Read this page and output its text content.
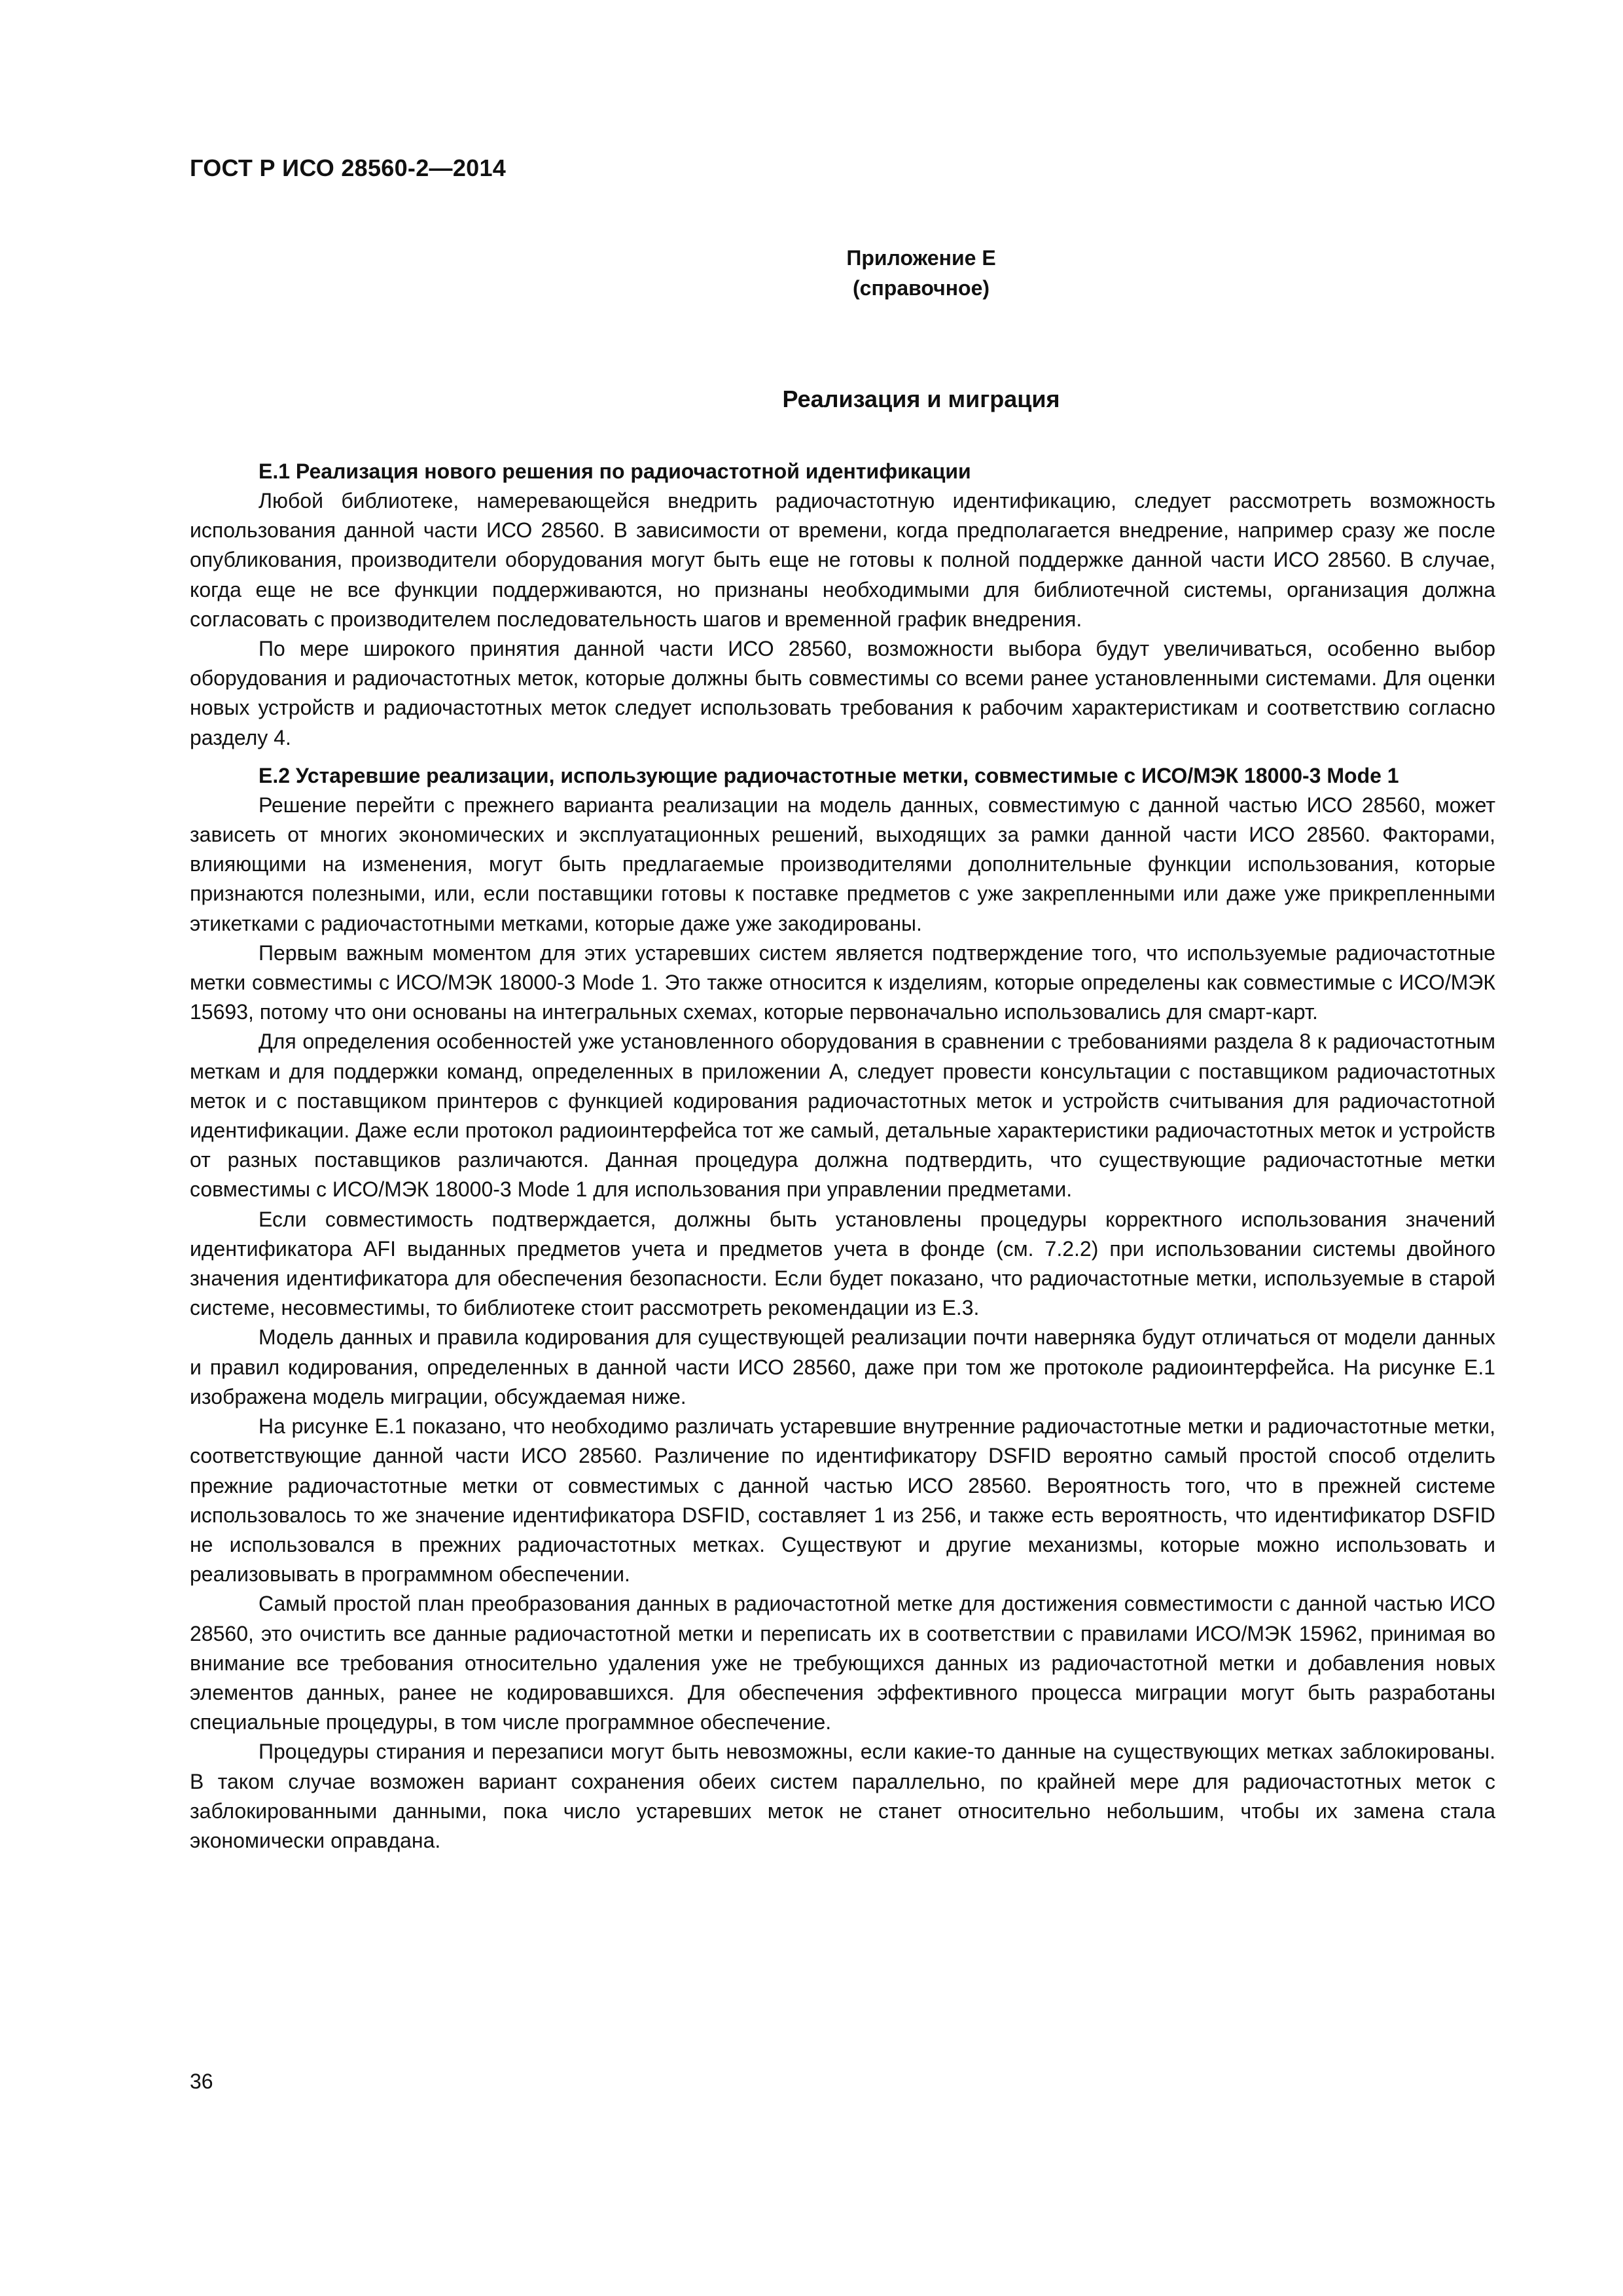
ГОСТ Р ИСО 28560-2—2014
Приложение Е
(справочное)
Реализация и миграция
Е.1 Реализация нового решения по радиочастотной идентификации

Любой библиотеке, намеревающейся внедрить радиочастотную идентификацию, следует рассмотреть возможность использования данной части ИСО 28560. В зависимости от времени, когда предполагается внедрение, например сразу же после опубликования, производители оборудования могут быть еще не готовы к полной поддержке данной части ИСО 28560. В случае, когда еще не все функции поддерживаются, но признаны необходимыми для библиотечной системы, организация должна согласовать с производителем последовательность шагов и временной график внедрения.

По мере широкого принятия данной части ИСО 28560, возможности выбора будут увеличиваться, особенно выбор оборудования и радиочастотных меток, которые должны быть совместимы со всеми ранее установленными системами. Для оценки новых устройств и радиочастотных меток следует использовать требования к рабочим характеристикам и соответствию согласно разделу 4.

Е.2 Устаревшие реализации, использующие радиочастотные метки, совместимые с ИСО/МЭК 18000-3 Mode 1

Решение перейти с прежнего варианта реализации на модель данных, совместимую с данной частью ИСО 28560, может зависеть от многих экономических и эксплуатационных решений, выходящих за рамки данной части ИСО 28560. Факторами, влияющими на изменения, могут быть предлагаемые производителями дополнительные функции использования, которые признаются полезными, или, если поставщики готовы к поставке предметов с уже закрепленными или даже уже прикрепленными этикетками с радиочастотными метками, которые даже уже закодированы.

Первым важным моментом для этих устаревших систем является подтверждение того, что используемые радиочастотные метки совместимы с ИСО/МЭК 18000-3 Mode 1. Это также относится к изделиям, которые определены как совместимые с ИСО/МЭК 15693, потому что они основаны на интегральных схемах, которые первоначально использовались для смарт-карт.

Для определения особенностей уже установленного оборудования в сравнении с требованиями раздела 8 к радиочастотным меткам и для поддержки команд, определенных в приложении А, следует провести консультации с поставщиком радиочастотных меток и с поставщиком принтеров с функцией кодирования радиочастотных меток и устройств считывания для радиочастотной идентификации. Даже если протокол радиоинтерфейса тот же самый, детальные характеристики радиочастотных меток и устройств от разных поставщиков различаются. Данная процедура должна подтвердить, что существующие радиочастотные метки совместимы с ИСО/МЭК 18000-3 Mode 1 для использования при управлении предметами.

Если совместимость подтверждается, должны быть установлены процедуры корректного использования значений идентификатора AFI выданных предметов учета и предметов учета в фонде (см. 7.2.2) при использовании системы двойного значения идентификатора для обеспечения безопасности. Если будет показано, что радиочастотные метки, используемые в старой системе, несовместимы, то библиотеке стоит рассмотреть рекомендации из Е.3.

Модель данных и правила кодирования для существующей реализации почти наверняка будут отличаться от модели данных и правил кодирования, определенных в данной части ИСО 28560, даже при том же протоколе радиоинтерфейса. На рисунке Е.1 изображена модель миграции, обсуждаемая ниже.

На рисунке Е.1 показано, что необходимо различать устаревшие внутренние радиочастотные метки и радиочастотные метки, соответствующие данной части ИСО 28560. Различение по идентификатору DSFID вероятно самый простой способ отделить прежние радиочастотные метки от совместимых с данной частью ИСО 28560. Вероятность того, что в прежней системе использовалось то же значение идентификатора DSFID, составляет 1 из 256, и также есть вероятность, что идентификатор DSFID не использовался в прежних радиочастотных метках. Существуют и другие механизмы, которые можно использовать и реализовывать в программном обеспечении.

Самый простой план преобразования данных в радиочастотной метке для достижения совместимости с данной частью ИСО 28560, это очистить все данные радиочастотной метки и переписать их в соответствии с правилами ИСО/МЭК 15962, принимая во внимание все требования относительно удаления уже не требующихся данных из радиочастотной метки и добавления новых элементов данных, ранее не кодировавшихся. Для обеспечения эффективного процесса миграции могут быть разработаны специальные процедуры, в том числе программное обеспечение.

Процедуры стирания и перезаписи могут быть невозможны, если какие-то данные на существующих метках заблокированы. В таком случае возможен вариант сохранения обеих систем параллельно, по крайней мере для радиочастотных меток с заблокированными данными, пока число устаревших меток не станет относительно небольшим, чтобы их замена стала экономически оправдана.

36
